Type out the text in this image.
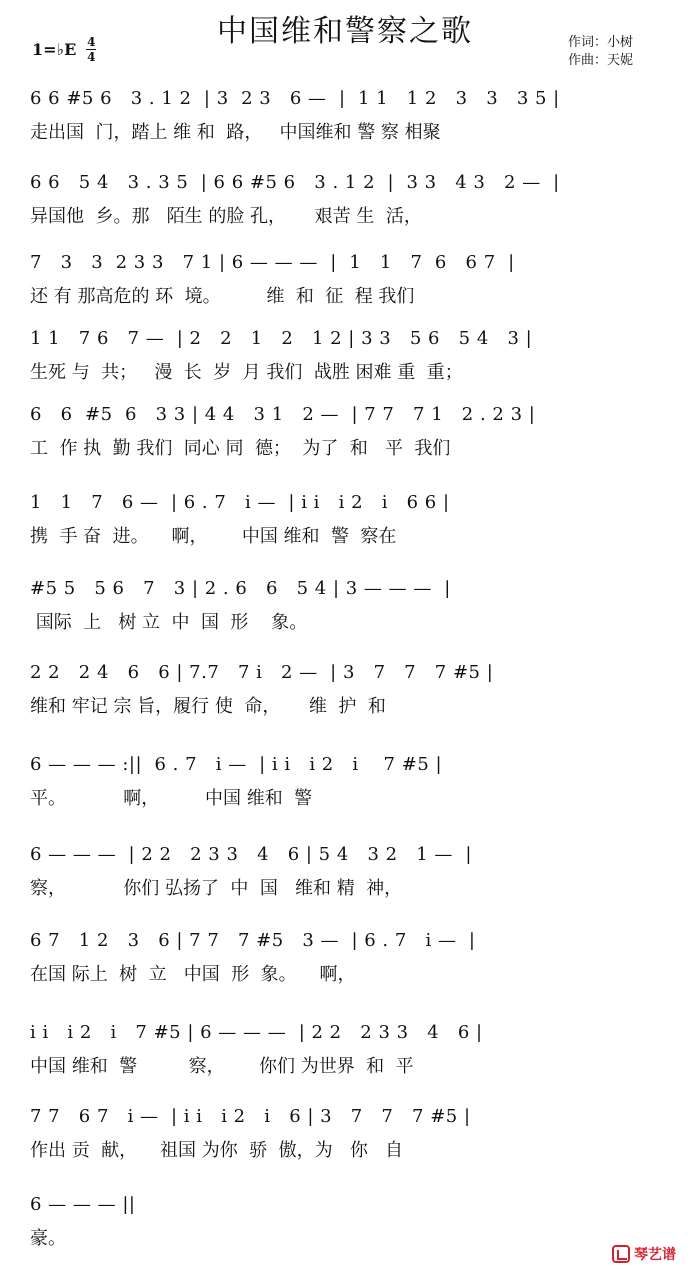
中国维和警察之歌
1=♭E 4
4
作词：小树
作曲：天妮
6 6 #5 6   3 . 1 2  | 3  2 3   6 —  |  1 1   1 2   3   3   3 5 |
走出国  门，踏上 维 和  路，   中国维和 警 察 相聚
6 6   5 4   3 . 3 5  | 6 6 #5 6   3 . 1 2  |  3 3   4 3   2 —  |
异国他  乡。那   陌生 的脸 孔，     艰苦 生  活，
7   3   3  2 3 3   7 1 | 6 — — —  |  1   1   7  6   6 7  |
还 有 那高危的 环  境。        维  和  征  程 我们
1 1   7 6   7 —  | 2   2   1   2   1 2 | 3 3   5 6   5 4   3 |
生死 与  共；   漫  长  岁  月 我们  战胜 困难 重  重；
6   6  #5  6   3 3 | 4 4   3 1   2 —  | 7 7   7 1   2 . 2 3 |
工  作 执  勤 我们  同心 同  德；  为了  和   平  我们
1   1   7   6 —  | 6 . 7   i —  | i i   i 2   i   6 6 |
携  手 奋  进。    啊，      中国 维和  警  察在
#5 5   5 6   7   3 | 2 . 6   6   5 4 | 3 — — —  |
国际  上   树 立  中  国  形    象。
2 2   2 4   6   6 | 7.7   7 i   2 —  | 3   7   7   7 #5 |
维和 牢记 宗 旨，履行 使  命，     维  护  和
6 — — — :||  6 . 7   i —  | i i   i 2   i    7 #5 |
平。          啊，        中国 维和  警
6 — — —  | 2 2   2 3 3   4   6 | 5 4   3 2   1 —  |
察，          你们 弘扬了  中  国   维和 精  神，
6 7   1 2   3   6 | 7 7   7 #5   3 —  | 6 . 7   i —  |
在国 际上  树  立   中国  形  象。    啊，
i i   i 2   i   7 #5 | 6 — — —  | 2 2   2 3 3   4   6 |
中国 维和  警         察，      你们 为世界  和  平
7 7   6 7   i —  | i i   i 2   i   6 | 3   7   7   7 #5 |
作出 贡  献，    祖国 为你  骄  傲，为   你   自
6 — — — ||
豪。
琴艺谱
